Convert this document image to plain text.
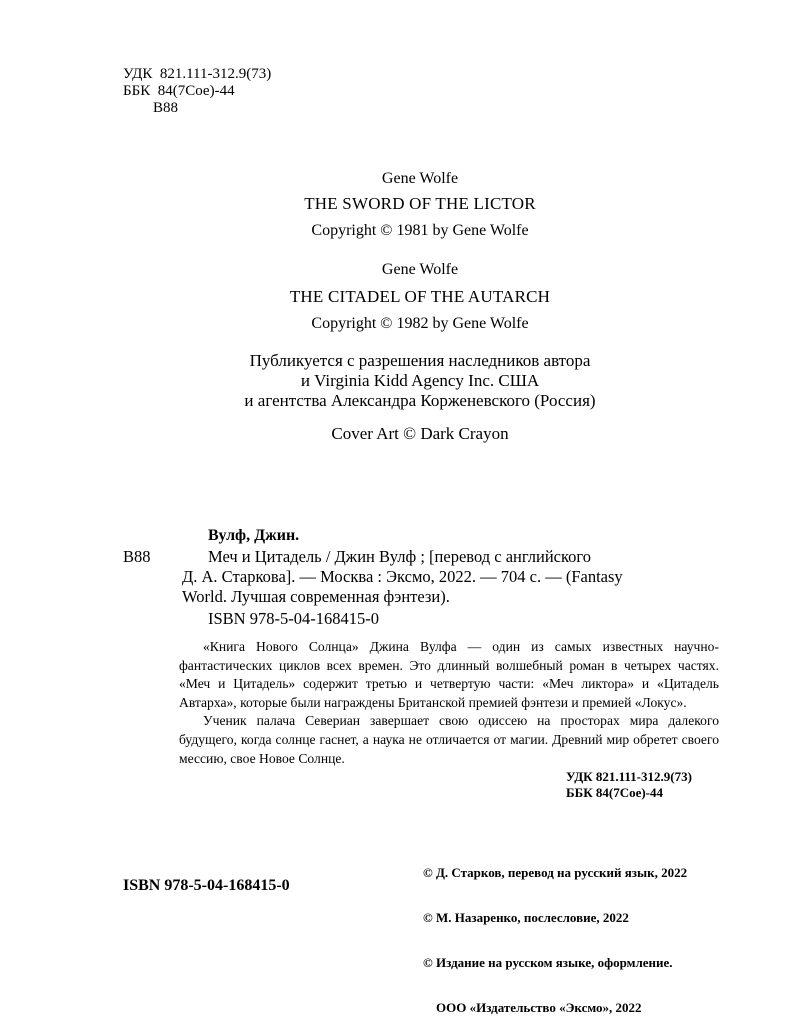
УДК  821.111-312.9(73)
ББК  84(7Сое)-44
В88
Gene Wolfe
THE SWORD OF THE LICTOR
Copyright © 1981 by Gene Wolfe
Gene Wolfe
THE CITADEL OF THE AUTARCH
Copyright © 1982 by Gene Wolfe
Публикуется с разрешения наследников автора
и Virginia Kidd Agency Inc. США
и агентства Александра Корженевского (Россия)
Cover Art © Dark Crayon
Вулф, Джин.
В88	Меч и Цитадель / Джин Вулф ; [перевод с английского
Д. А. Старкова]. — Москва : Эксмо, 2022. — 704 с. — (Fantasy
World. Лучшая современная фэнтези).
ISBN 978-5-04-168415-0

«Книга Нового Солнца» Джина Вулфа — один из самых известных научно-фантастических циклов всех времен. Это длинный волшебный роман в четырех частях. «Меч и Цитадель» содержит третью и четвертую части: «Меч ликтора» и «Цитадель Автарха», которые были награждены Британской премией фэнтези и премией «Локус».

Ученик палача Севериан завершает свою одиссею на просторах мира далекого будущего, когда солнце гаснет, а наука не отличается от магии. Древний мир обретет своего мессию, свое Новое Солнце.

УДК 821.111-312.9(73)
ББК 84(7Сое)-44

© Д. Старков, перевод на русский язык, 2022

© М. Назаренко, послесловие, 2022

© Издание на русском языке, оформление.

ООО «Издательство «Эксмо», 2022

ISBN 978-5-04-168415-0
